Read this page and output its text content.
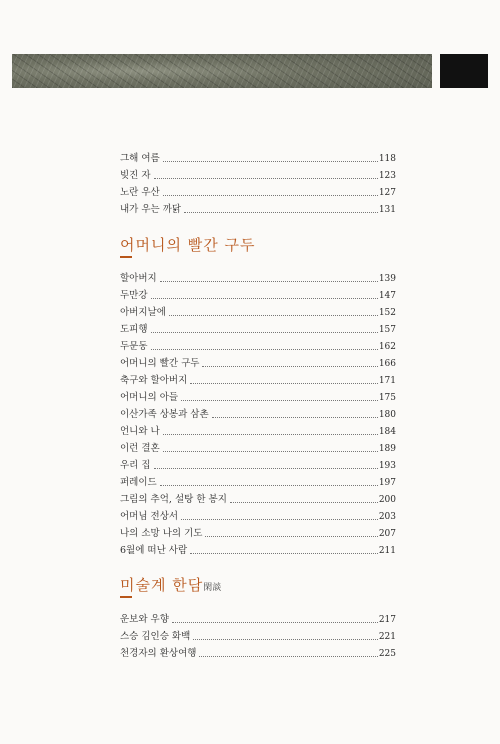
그해 여름	118
빚진 자	123
노란 우산	127
내가 우는 까닭	131
어머니의 빨간 구두
할아버지	139
두만강	147
아버지날에	152
도피행	157
두문동	162
어머니의 빨간 구두	166
축구와 할아버지	171
어머니의 아들	175
이산가족 상봉과 삼촌	180
언니와 나	184
이런 결혼	189
우리 집	193
퍼레이드	197
그림의 추억, 설탕 한 봉지	200
어머님 전상서	203
나의 소망 나의 기도	207
6월에 떠난 사람	211
미술계 한담閑談
운보와 우향	217
스승 김인승 화백	221
천경자의 환상여행	225
